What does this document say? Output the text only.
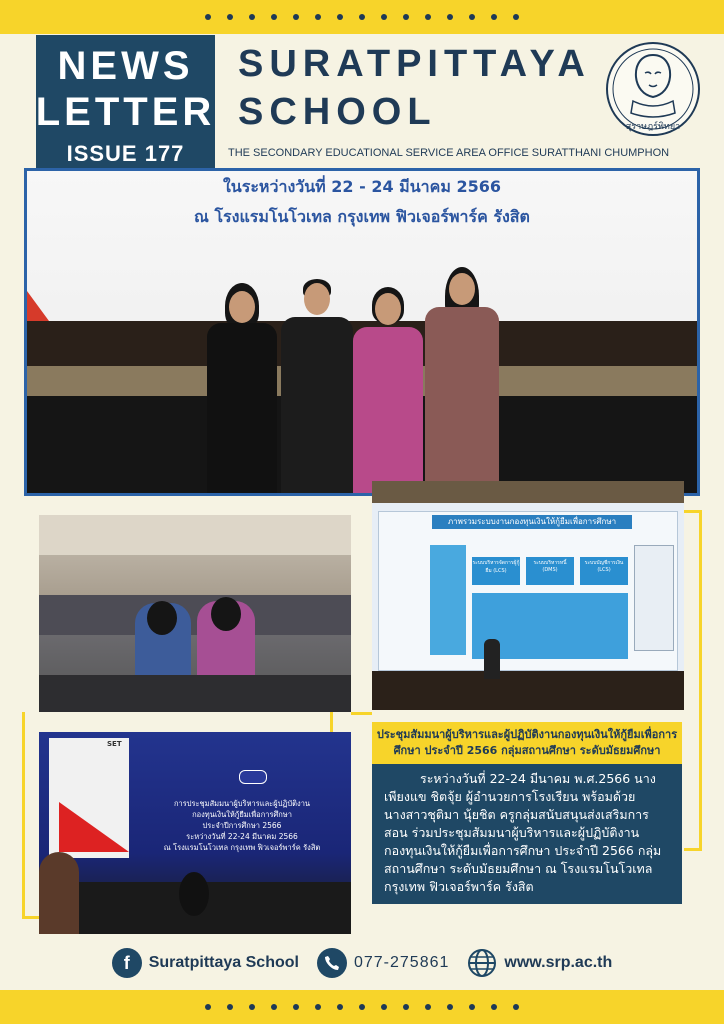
NEWS
LETTER
ISSUE 177
SURATPITTAYA
SCHOOL
THE SECONDARY EDUCATIONAL SERVICE AREA OFFICE SURATTHANI CHUMPHON
สุราษฎร์พิทยา
ในระหว่างวันที่ 22 - 24 มีนาคม 2566
ณ โรงแรมโนโวเทล กรุงเทพ ฟิวเจอร์พาร์ค รังสิต
ภาพรวมระบบงานกองทุนเงินให้กู้ยืมเพื่อการศึกษา
ระบบบริหารจัดการผู้กู้ยืม (LCS)
ระบบบริหารหนี้ (DMS)
ระบบบัญชีการเงิน (LCS)
SET
การประชุมสัมมนาผู้บริหารและผู้ปฏิบัติงาน
กองทุนเงินให้กู้ยืมเพื่อการศึกษา
ประจำปีการศึกษา 2566
ระหว่างวันที่ 22-24 มีนาคม 2566
ณ โรงแรมโนโวเทล กรุงเทพ ฟิวเจอร์พาร์ค รังสิต
ประชุมสัมมนาผู้บริหารและผู้ปฏิบัติงานกองทุนเงินให้กู้ยืมเพื่อการศึกษา ประจำปี 2566 กลุ่มสถานศึกษา ระดับมัธยมศึกษา

ระหว่างวันที่ 22-24 มีนาคม พ.ศ.2566 นางเพียงแข ชิตจุ้ย ผู้อำนวยการโรงเรียน พร้อมด้วย นางสาวชุติมา นุ้ยชิต ครูกลุ่มสนับสนุนส่งเสริมการสอน ร่วมประชุมสัมมนาผู้บริหารและผู้ปฏิบัติงานกองทุนเงินให้กู้ยืมเพื่อการศึกษา ประจำปี 2566 กลุ่มสถานศึกษา ระดับมัธยมศึกษา ณ โรงแรมโนโวเทล กรุงเทพ ฟิวเจอร์พาร์ค รังสิต

f	Suratpittaya School	077-275861	www.srp.ac.th
